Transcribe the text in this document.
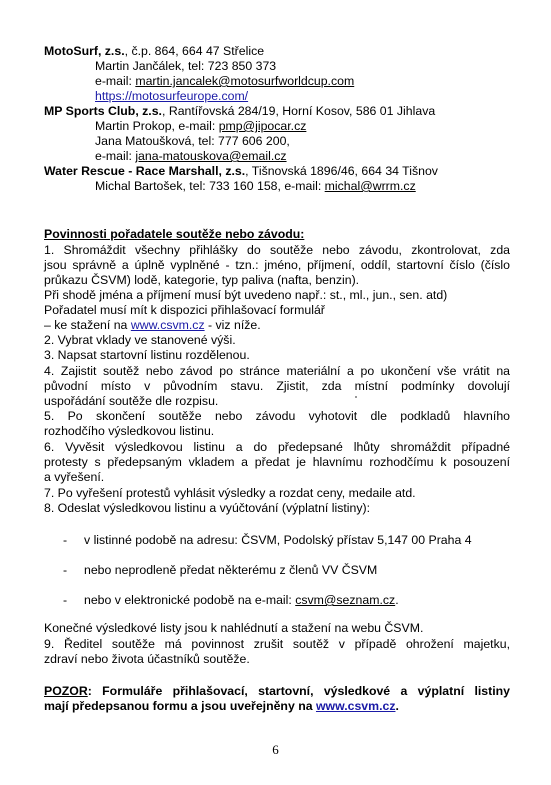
MotoSurf, z.s., č.p. 864, 664 47 Střelice
Martin Jančálek, tel: 723 850 373
e-mail: martin.jancalek@motosurfworldcup.com
https://motosurfeurope.com/
MP Sports Club, z.s., Rantířovská 284/19, Horní Kosov, 586 01 Jihlava
Martin Prokop, e-mail: pmp@jipocar.cz
Jana Matoušková, tel: 777 606 200,
e-mail: jana-matouskova@email.cz
Water Rescue - Race Marshall, z.s., Tišnovská 1896/46, 664 34 Tišnov
Michal Bartošek, tel: 733 160 158, e-mail: michal@wrrm.cz
Povinnosti pořadatele soutěže nebo závodu:
1. Shromáždit všechny přihlášky do soutěže nebo závodu, zkontrolovat, zda
jsou správně a úplně vyplněné - tzn.: jméno, příjmení, oddíl, startovní číslo (číslo
průkazu ČSVM) lodě, kategorie, typ paliva (nafta, benzin).
Při shodě jména a příjmení musí být uvedeno např.: st., ml., jun., sen. atd)
Pořadatel musí mít k dispozici přihlašovací formulář
– ke stažení na www.csvm.cz - viz níže.
2. Vybrat vklady ve stanovené výši.
3. Napsat startovní listinu rozdělenou.
4. Zajistit soutěž nebo závod po stránce materiální a po ukončení vše vrátit na
původní místo v původním stavu. Zjistit, zda místní podmínky dovolují
uspořádání soutěže dle rozpisu.
5. Po skončení soutěže nebo závodu vyhotovit dle podkladů hlavního
rozhodčího výsledkovou listinu.
6. Vyvěsit výsledkovou listinu a do předepsané lhůty shromáždit případné
protesty s předepsaným vkladem a předat je hlavnímu rozhodčímu k posouzení
a vyřešení.
7. Po vyřešení protestů vyhlásit výsledky a rozdat ceny, medaile atd.
8. Odeslat výsledkovou listinu a vyúčtování (výplatní listiny):
- v listinné podobě na adresu: ČSVM, Podolský přístav 5,147 00 Praha 4
- nebo neprodleně předat některému z členů VV ČSVM
- nebo v elektronické podobě na e-mail: csvm@seznam.cz.
Konečné výsledkové listy jsou k nahlédnutí a stažení na webu ČSVM.
9. Ředitel soutěže má povinnost zrušit soutěž v případě ohrožení majetku,
zdraví nebo života účastníků soutěže.
POZOR: Formuláře přihlašovací, startovní, výsledkové a výplatní listiny
mají předepsanou formu a jsou uveřejněny na www.csvm.cz.
6
